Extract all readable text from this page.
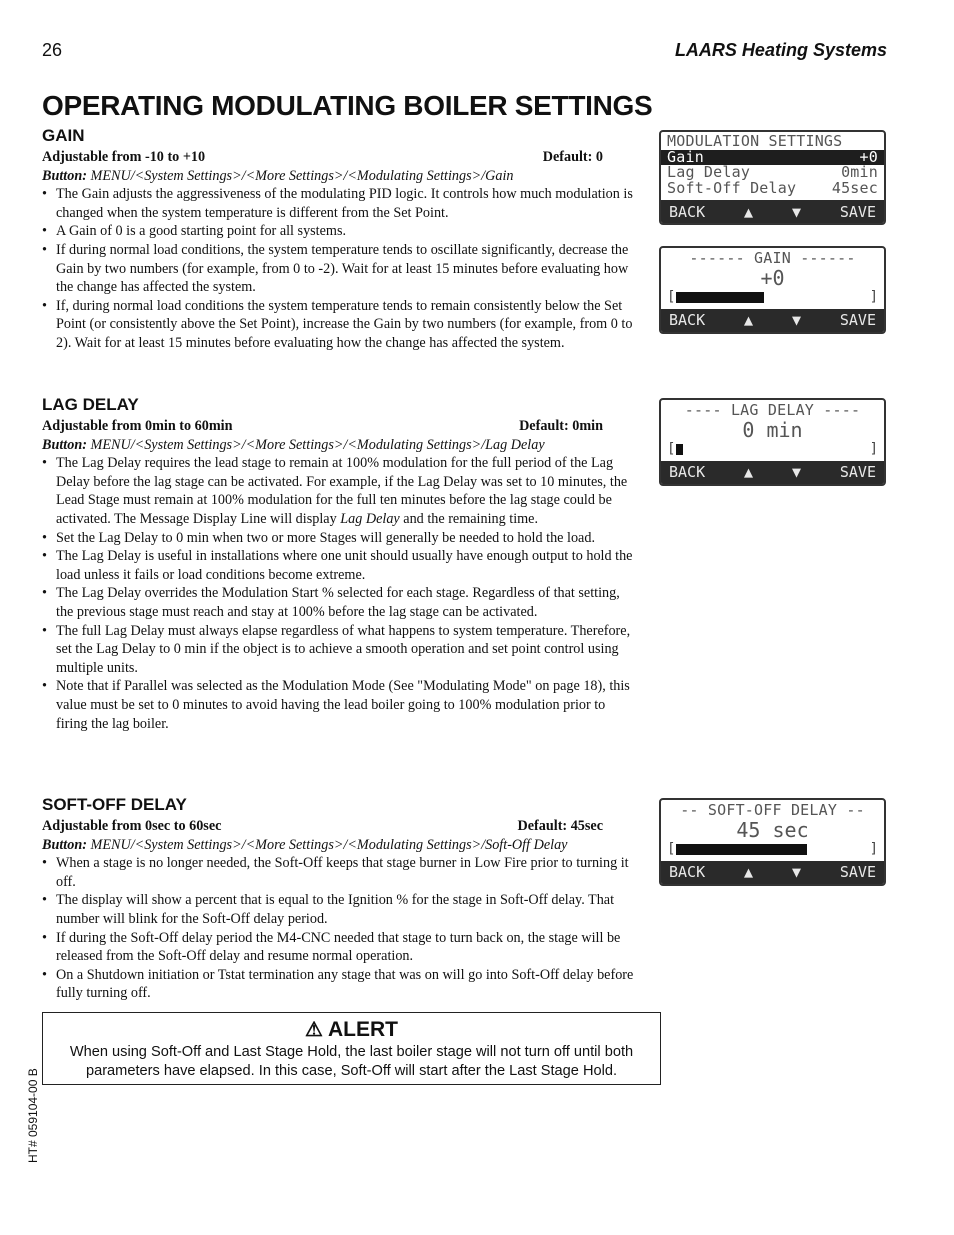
26	LAARS Heating Systems
OPERATING MODULATING BOILER SETTINGS
GAIN
Adjustable from -10 to +10	Default: 0
Button: MENU/<System Settings>/<More Settings>/<Modulating Settings>/Gain
• The Gain adjusts the aggressiveness of the modulating PID logic. It controls how much modulation is changed when the system temperature is different from the Set Point.
• A Gain of 0 is a good starting point for all systems.
• If during normal load conditions, the system temperature tends to oscillate significantly, decrease the Gain by two numbers (for example, from 0 to -2). Wait for at least 15 minutes before evaluating how the change has affected the system.
• If, during normal load conditions the system temperature tends to remain consistently below the Set Point (or consistently above the Set Point), increase the Gain by two numbers (for example, from 0 to 2). Wait for at least 15 minutes before evaluating how the change has affected the system.
LAG DELAY
Adjustable from 0min to 60min	Default: 0min
Button: MENU/<System Settings>/<More Settings>/<Modulating Settings>/Lag Delay
• The Lag Delay requires the lead stage to remain at 100% modulation for the full period of the Lag Delay before the lag stage can be activated. For example, if the Lag Delay was set to 10 minutes, the Lead Stage must remain at 100% modulation for the full ten minutes before the lag stage could be activated. The Message Display Line will display Lag Delay and the remaining time.
• Set the Lag Delay to 0 min when two or more Stages will generally be needed to hold the load.
• The Lag Delay is useful in installations where one unit should usually have enough output to hold the load unless it fails or load conditions become extreme.
• The Lag Delay overrides the Modulation Start % selected for each stage. Regardless of that setting, the previous stage must reach and stay at 100% before the lag stage can be activated.
• The full Lag Delay must always elapse regardless of what happens to system temperature. Therefore, set the Lag Delay to 0 min if the object is to achieve a smooth operation and set point control using multiple units.
• Note that if Parallel was selected as the Modulation Mode (See "Modulating Mode" on page 18), this value must be set to 0 minutes to avoid having the lead boiler going to 100% modulation prior to firing the lag boiler.
SOFT-OFF DELAY
Adjustable from 0sec to 60sec	Default: 45sec
Button: MENU/<System Settings>/<More Settings>/<Modulating Settings>/Soft-Off Delay
• When a stage is no longer needed, the Soft-Off keeps that stage burner in Low Fire prior to turning it off.
• The display will show a percent that is equal to the Ignition % for the stage in Soft-Off delay. That number will blink for the Soft-Off delay period.
• If during the Soft-Off delay period the M4-CNC needed that stage to turn back on, the stage will be released from the Soft-Off delay and resume normal operation.
• On a Shutdown initiation or Tstat termination any stage that was on will go into Soft-Off delay before fully turning off.
MODULATION SETTINGS
Gain	+0
Lag Delay	0min
Soft-Off Delay 45sec
BACK	▲	▼	SAVE
------ GAIN ------
+0
[	]
BACK	▲	▼	SAVE
---- LAG DELAY ----
0 min
[	]
BACK	▲	▼	SAVE
-- SOFT-OFF DELAY --
45 sec
[	]
BACK	▲	▼	SAVE
⚠ ALERT
When using Soft-Off and Last Stage Hold, the last boiler stage will not turn off until both parameters have elapsed. In this case, Soft-Off will start after the Last Stage Hold.
HT# 059104-00 B
